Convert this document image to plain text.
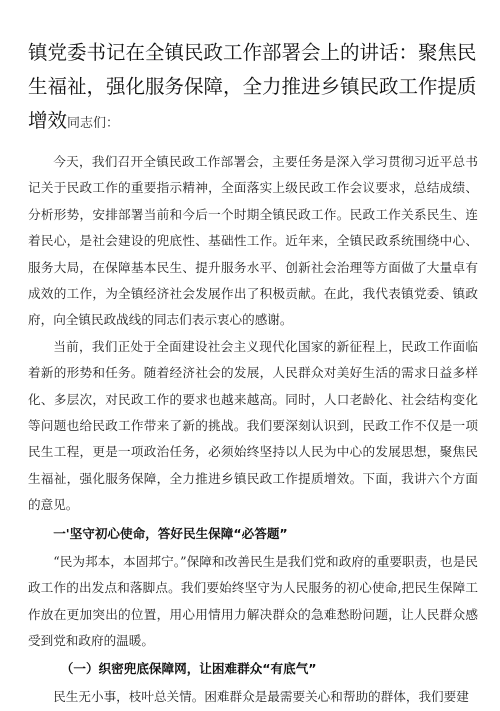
镇党委书记在全镇民政工作部署会上的讲话：聚焦民生福祉，强化服务保障，全力推进乡镇民政工作提质增效同志们：

今天，我们召开全镇民政工作部署会，主要任务是深入学习贯彻习近平总书记关于民政工作的重要指示精神，全面落实上级民政工作会议要求，总结成绩、分析形势，安排部署当前和今后一个时期全镇民政工作。民政工作关系民生、连着民心，是社会建设的兜底性、基础性工作。近年来，全镇民政系统围绕中心、服务大局，在保障基本民生、提升服务水平、创新社会治理等方面做了大量卓有成效的工作，为全镇经济社会发展作出了积极贡献。在此，我代表镇党委、镇政府，向全镇民政战线的同志们表示衷心的感谢。

当前，我们正处于全面建设社会主义现代化国家的新征程上，民政工作面临着新的形势和任务。随着经济社会的发展，人民群众对美好生活的需求日益多样化、多层次，对民政工作的要求也越来越高。同时，人口老龄化、社会结构变化等问题也给民政工作带来了新的挑战。我们要深刻认识到，民政工作不仅是一项民生工程，更是一项政治任务，必须始终坚持以人民为中心的发展思想，聚焦民生福祉，强化服务保障，全力推进乡镇民政工作提质增效。下面，我讲六个方面的意见。

一'坚守初心使命，答好民生保障“必答题”

“民为邦本，本固邦宁。”保障和改善民生是我们党和政府的重要职责，也是民政工作的出发点和落脚点。我们要始终坚守为人民服务的初心使命,把民生保障工作放在更加突出的位置，用心用情用力解决群众的急难愁盼问题，让人民群众感受到党和政府的温暖。

（一）织密兜底保障网，让困难群众“有底气”

民生无小事，枝叶总关情。困难群众是最需要关心和帮助的群体，我们要建
